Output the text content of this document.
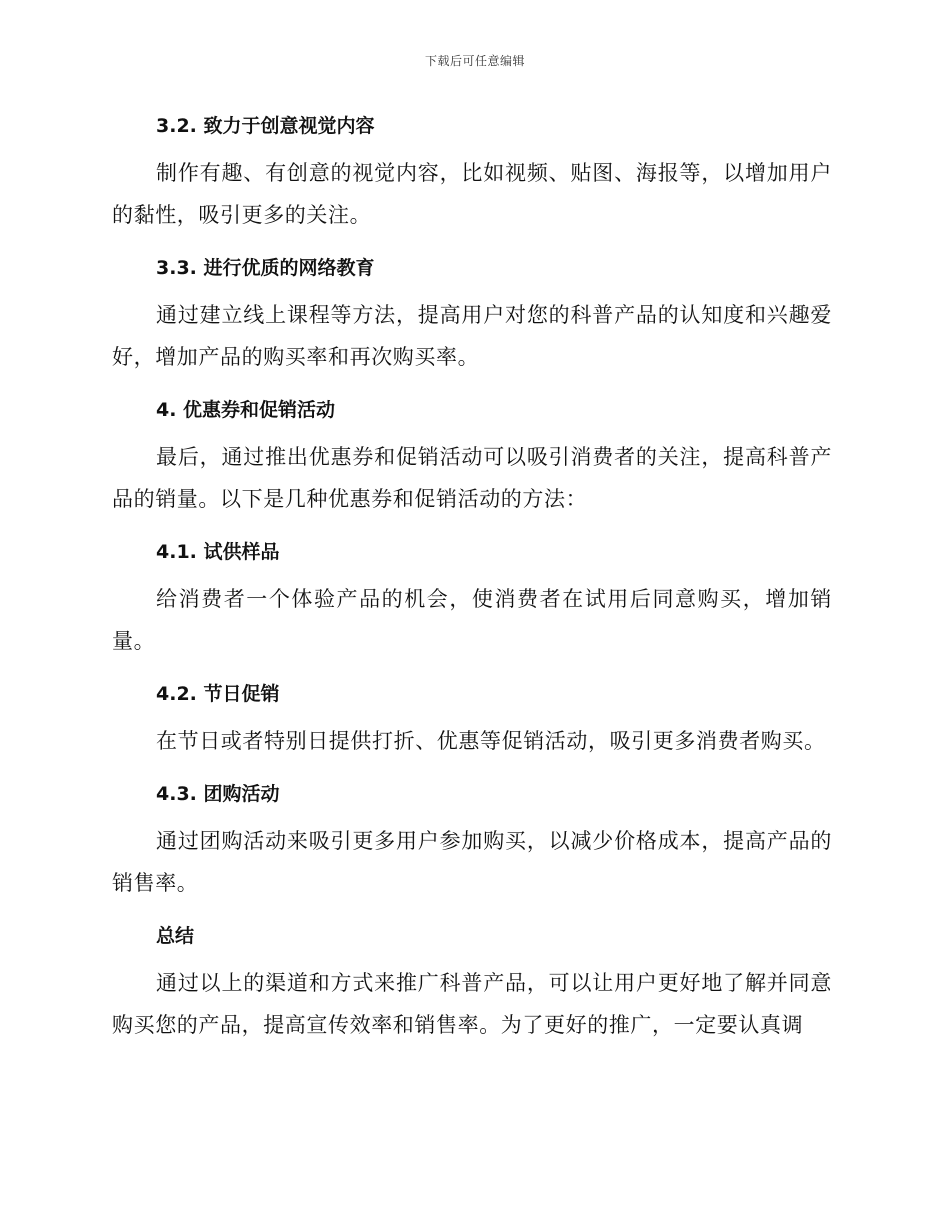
下载后可任意编辑
3.2. 致力于创意视觉内容

制作有趣、有创意的视觉内容，比如视频、贴图、海报等，以增加用户的黏性，吸引更多的关注。

3.3. 进行优质的网络教育

通过建立线上课程等方法，提高用户对您的科普产品的认知度和兴趣爱好，增加产品的购买率和再次购买率。

4. 优惠券和促销活动

最后，通过推出优惠券和促销活动可以吸引消费者的关注，提高科普产品的销量。以下是几种优惠券和促销活动的方法：

4.1. 试供样品

给消费者一个体验产品的机会，使消费者在试用后同意购买，增加销量。

4.2. 节日促销

在节日或者特别日提供打折、优惠等促销活动，吸引更多消费者购买。

4.3. 团购活动

通过团购活动来吸引更多用户参加购买，以减少价格成本，提高产品的销售率。

总结

通过以上的渠道和方式来推广科普产品，可以让用户更好地了解并同意购买您的产品，提高宣传效率和销售率。为了更好的推广，一定要认真调
